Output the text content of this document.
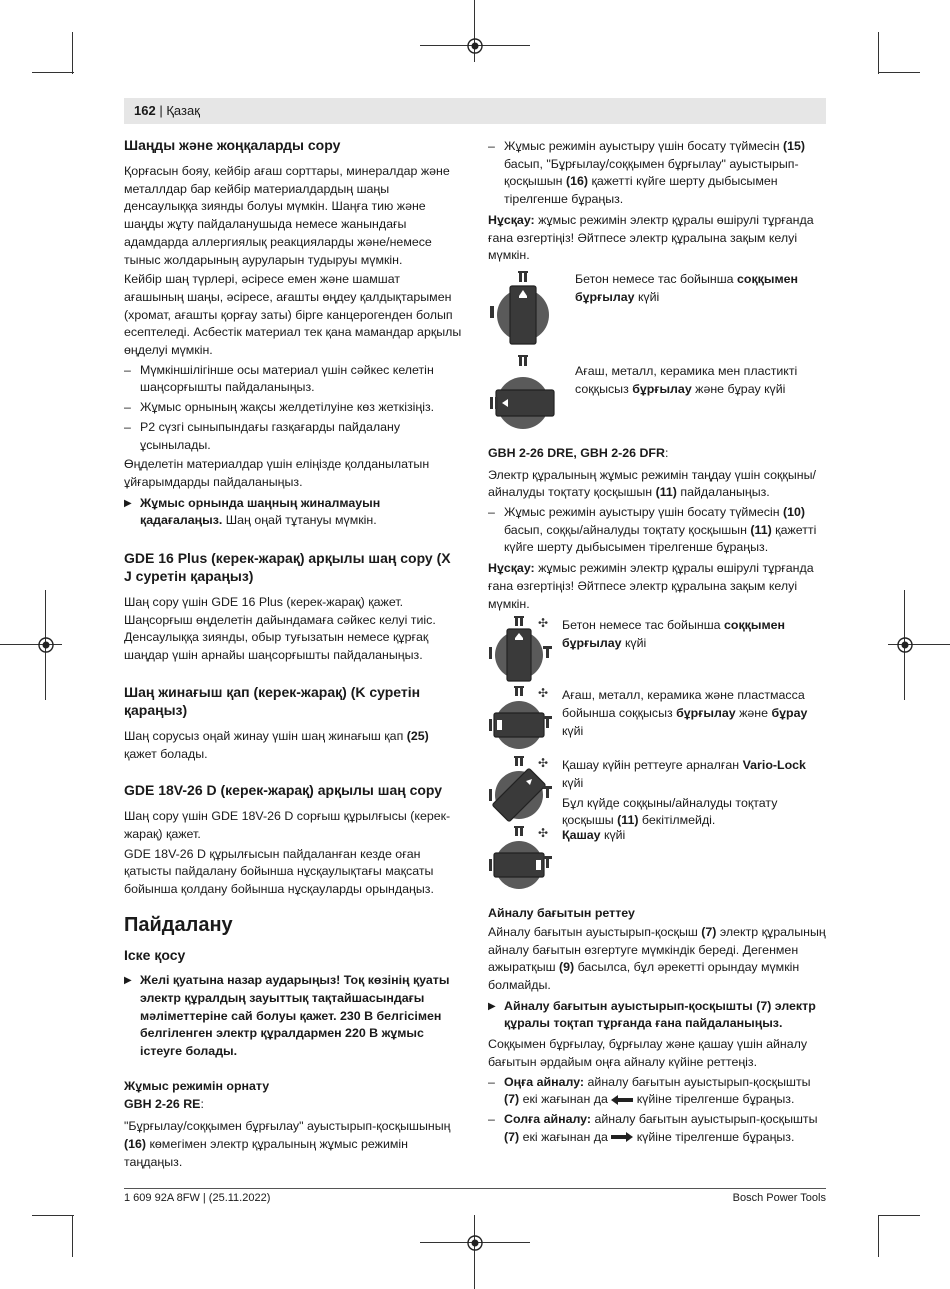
162 | Қазақ
Шаңды және жоңқаларды сору

Қорғасын бояу, кейбір ағаш сорттары, минералдар және металлдар бар кейбір материалдардың шаңы денсаулыққа зиянды болуы мүмкін. Шаңға тию және шаңды жұту пайдаланушыда немесе жанындағы адамдарда аллергиялық реакцияларды және/немесе тыныс жолдарының ауруларын тудыруы мүмкін.

Кейбір шаң түрлері, әсіресе емен және шамшат ағашының шаңы, әсіресе, ағашты өңдеу қалдықтарымен (хромат, ағашты қорғау заты) бірге канцерогенден болып есептеледі. Асбестік материал тек қана мамандар арқылы өңделуі мүмкін.

– Мүмкіншілігінше осы материал үшін сәйкес келетін шаңсорғышты пайдаланыңыз.
– Жұмыс орнының жақсы желдетілуіне көз жеткізіңіз.
– P2 сүзгі сыныпындағы газқағарды пайдалану ұсынылады.

Өңделетін материалдар үшін еліңізде қолданылатын ұйғарымдарды пайдаланыңыз.

▶ Жұмыс орнында шаңның жиналмауын қадағалаңыз. Шаң оңай тұтануы мүмкін.
GDE 16 Plus (керек-жарақ) арқылы шаң сору (X J суретін қараңыз)

Шаң сору үшін GDE 16 Plus (керек-жарақ) қажет. Шаңсорғыш өңделетін дайындамаға сәйкес келуі тиіс. Денсаулыққа зиянды, обыр туғызатын немесе құрғақ шаңдар үшін арнайы шаңсорғышты пайдаланыңыз.

Шаң жинағыш қап (керек-жарақ) (K суретін қараңыз)

Шаң сорусыз оңай жинау үшін шаң жинағыш қап (25) қажет болады.

GDE 18V-26 D (керек-жарақ) арқылы шаң сору

Шаң сору үшін GDE 18V-26 D сорғыш құрылғысы (керек-жарақ) қажет.

GDE 18V-26 D құрылғысын пайдаланған кезде оған қатысты пайдалану бойынша нұсқаулықтағы мақсаты бойынша қолдану бойынша нұсқауларды орындаңыз.

Пайдалану
Іске қосу
▶ Желі қуатына назар аударыңыз! Тоқ көзінің қуаты электр құралдың зауыттық тақтайшасындағы мәліметтеріне сай болуы қажет. 230 В белгісімен белгіленген электр құралдармен 220 В жұмыс істеуге болады.

Жұмыс режимін орнату

GBH 2-26 RE:

"Бұрғылау/соққымен бұрғылау" ауыстырып-қосқышының (16) көмегімен электр құралының жұмыс режимін таңдаңыз.

– Жұмыс режимін ауыстыру үшін босату түймесін (15) басып, "Бұрғылау/соққымен бұрғылау" ауыстырып-қосқышын (16) қажетті күйге шерту дыбысымен тірелгенше бұраңыз.

Нұсқау: жұмыс режимін электр құралы өшірулі тұрғанда ғана өзгертіңіз! Әйтпесе электр құралына зақым келуі мүмкін.

Бетон немесе тас бойынша соққымен бұрғылау күйі
Ағаш, металл, керамика мен пластикті соққысыз бұрғылау және бұрау күйі

GBH 2-26 DRE, GBH 2-26 DFR:

Электр құралының жұмыс режимін таңдау үшін соққыны/айналуды тоқтату қосқышын (11) пайдаланыңыз.

– Жұмыс режимін ауыстыру үшін босату түймесін (10) басып, соққы/айналуды тоқтату қосқышын (11) қажетті күйге шерту дыбысымен тірелгенше бұраңыз.

Нұсқау: жұмыс режимін электр құралы өшірулі тұрғанда ғана өзгертіңіз! Әйтпесе электр құралына зақым келуі мүмкін.

✣ Бетон немесе тас бойынша соққымен бұрғылау күйі
✣ Ағаш, металл, керамика және пластмасса бойынша соққысыз бұрғылау және бұрау күйі
✣ Қашау күйін реттеуге арналған Vario-Lock күйі

Бұл күйде соққыны/айналуды тоқтату қосқышы (11) бекітілмейді.

✣ Қашау күйі

Айналу бағытын реттеу

Айналу бағытын ауыстырып-қосқыш (7) электр құралының айналу бағытын өзгертуге мүмкіндік береді. Дегенмен ажыратқыш (9) басылса, бұл әрекетті орындау мүмкін болмайды.

▶ Айналу бағытын ауыстырып-қосқышты (7) электр құралы тоқтап тұрғанда ғана пайдаланыңыз.

Соққымен бұрғылау, бұрғылау және қашау үшін айналу бағытын әрдайым оңға айналу күйіне реттеңіз.

– Оңға айналу: айналу бағытын ауыстырып-қосқышты (7) екі жағынан да  күйіне тірелгенше бұраңыз.
– Солға айналу: айналу бағытын ауыстырып-қосқышты (7) екі жағынан да  күйіне тірелгенше бұраңыз.
1 609 92A 8FW | (25.11.2022)	Bosch Power Tools
